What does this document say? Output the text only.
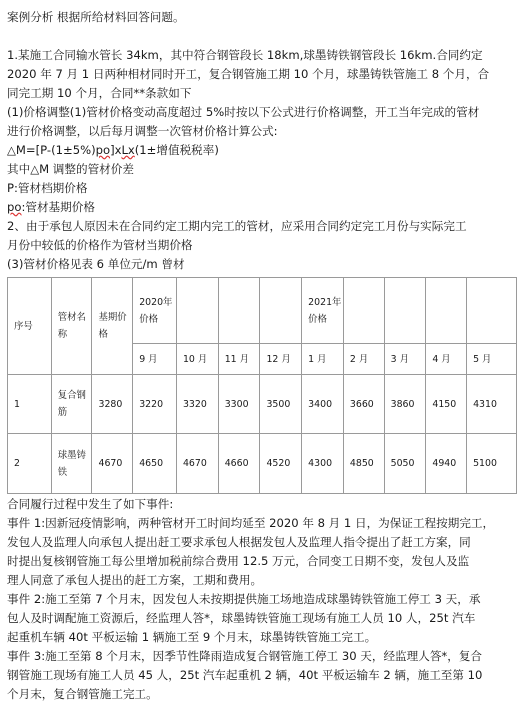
案例分析 根据所给材料回答问题。
1.某施工合同输水管长 34km，其中符合钢管段长 18km,球墨铸铁钢管段长 16km.合同约定
2020 年 7 月 1 日两种相材同时开工，复合钢管施工期 10 个月，球墨铸铁管施工 8 个月，合
同完工期 10 个月，合同**条款如下
(1)价格调整(1)管材价格变动高度超过 5%时按以下公式进行价格调整，开工当年完成的管材
进行价格调整，以后每月调整一次管材价格计算公式:
△M=[P-(1±5%)po]xLx(1±增值税税率)
其中△M 调整的管材价差
P:管材档期价格
po:管材基期价格
2、由于承包人原因未在合同约定工期内完工的管材，应采用合同约定完工月份与实际完工
月份中较低的价格作为管材当期价格
(3)管材价格见表 6 单位元/m 曾材
序号	管材名称	基期价格	2020年价格				2021年价格				
			9 月	10 月	11 月	12 月	1 月	2 月	3 月	4 月	5 月
1	复合钢筋	3280	3220	3320	3300	3500	3400	3660	3860	4150	4310
2	球墨铸铁	4670	4650	4670	4660	4520	4300	4850	5050	4940	5100
合同履行过程中发生了如下事件:
事件 1:因新冠疫情影响，两种管材开工时间均延至 2020 年 8 月 1 日，为保证工程按期完工，
发包人及监理人向承包人提出赶工要求承包人根据发包人及监理人指令提出了赶工方案，同
时提出复核钢管施工每公里增加税前综合费用 12.5 万元，合同变工日期不变，发包人及监
理人同意了承包人提出的赶工方案，工期和费用。
事件 2:施工至第 7 个月末，因发包人未按期提供施工场地造成球墨铸铁管施工停工 3 天，承
包人及时调配施工资源后，经监理人答*，球墨铸铁管施工现场有施工人员 10 人，25t 汽车
起重机车辆 40t 平板运输 1 辆施工至 9 个月末，球墨铸铁管施工完工。
事件 3:施工至第 8 个月末，因季节性降雨造成复合钢管施工停工 30 天，经监理人答*，复合
钢管施工现场有施工人员 45 人，25t 汽车起重机 2 辆，40t 平板运输车 2 辆，施工至第 10
个月末，复合钢管施工完工。
